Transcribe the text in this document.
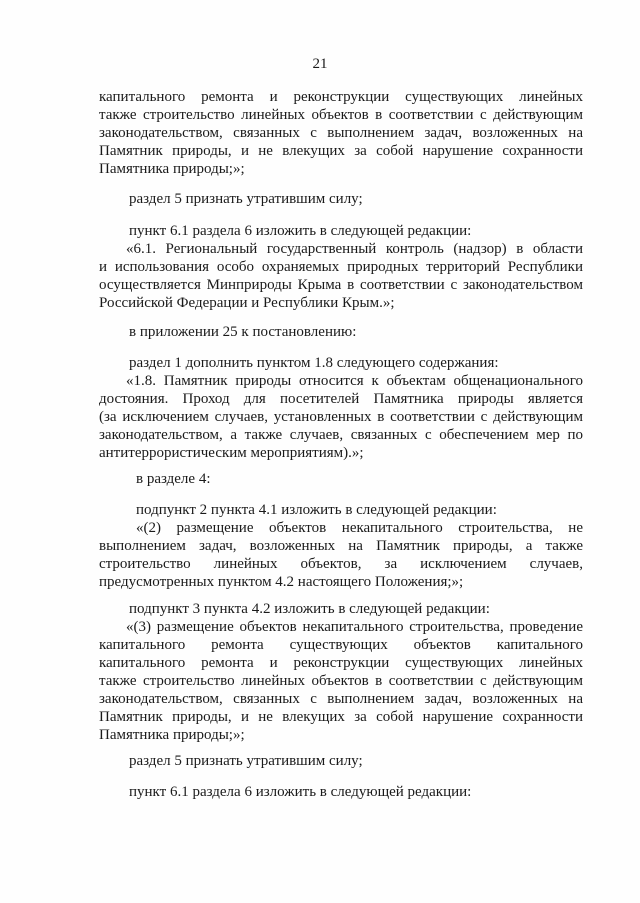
21
капитального ремонта и реконструкции существующих линейных
также строительство линейных объектов в соответствии с действующим
законодательством, связанных с выполнением задач, возложенных на
Памятник природы, и не влекущих за собой нарушение сохранности
Памятника природы;»;
раздел 5 признать утратившим силу;
пункт 6.1 раздела 6 изложить в следующей редакции:
«6.1. Региональный государственный контроль (надзор) в области
и использования особо охраняемых природных территорий Республики
осуществляется Минприроды Крыма в соответствии с законодательством
Российской Федерации и Республики Крым.»;
в приложении 25 к постановлению:
раздел 1 дополнить пунктом 1.8 следующего содержания:
«1.8. Памятник природы относится к объектам общенационального
достояния. Проход для посетителей Памятника природы является
(за исключением случаев, установленных в соответствии с действующим
законодательством, а также случаев, связанных с обеспечением мер по
антитеррористическим мероприятиям).»;
в разделе 4:
подпункт 2 пункта 4.1 изложить в следующей редакции:
«(2) размещение объектов некапитального строительства, не
выполнением задач, возложенных на Памятник природы, а также
строительство линейных объектов, за исключением случаев,
предусмотренных пунктом 4.2 настоящего Положения;»;
подпункт 3 пункта 4.2 изложить в следующей редакции:
«(3) размещение объектов некапитального строительства, проведение
капитального ремонта существующих объектов капитального
капитального ремонта и реконструкции существующих линейных
также строительство линейных объектов в соответствии с действующим
законодательством, связанных с выполнением задач, возложенных на
Памятник природы, и не влекущих за собой нарушение сохранности
Памятника природы;»;
раздел 5 признать утратившим силу;
пункт 6.1 раздела 6 изложить в следующей редакции:
